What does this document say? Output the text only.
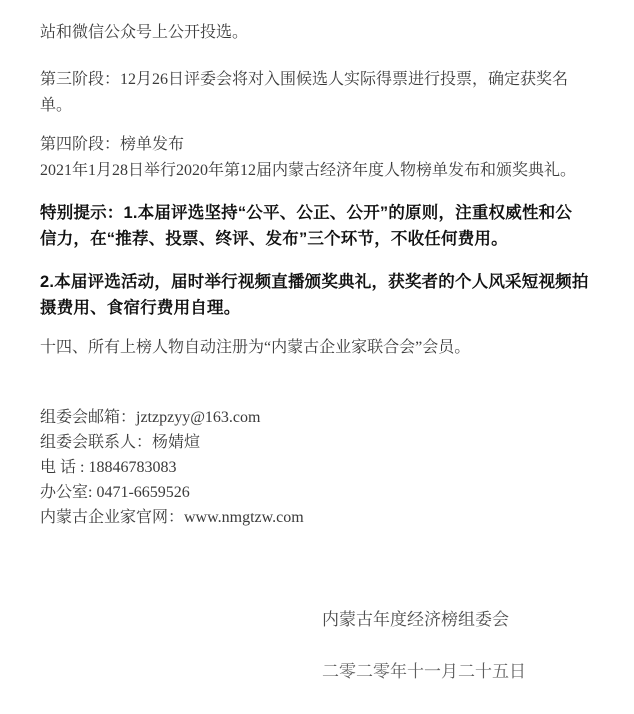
站和微信公众号上公开投选。
第三阶段：12月26日评委会将对入围候选人实际得票进行投票，确定获奖名
单。
第四阶段：榜单发布
2021年1月28日举行2020年第12届内蒙古经济年度人物榜单发布和颁奖典礼。
特别提示：1.本届评选坚持“公平、公正、公开”的原则，注重权威性和公
信力，在“推荐、投票、终评、发布”三个环节，不收任何费用。
2.本届评选活动，届时举行视频直播颁奖典礼，获奖者的个人风采短视频拍
摄费用、食宿行费用自理。
十四、所有上榜人物自动注册为“内蒙古企业家联合会”会员。
组委会邮箱：jztzpzyy@163.com
组委会联系人：杨婧煊
电 话 : 18846783083
办公室: 0471-6659526
内蒙古企业家官网：www.nmgtzw.com
内蒙古年度经济榜组委会
二零二零年十一月二十五日
